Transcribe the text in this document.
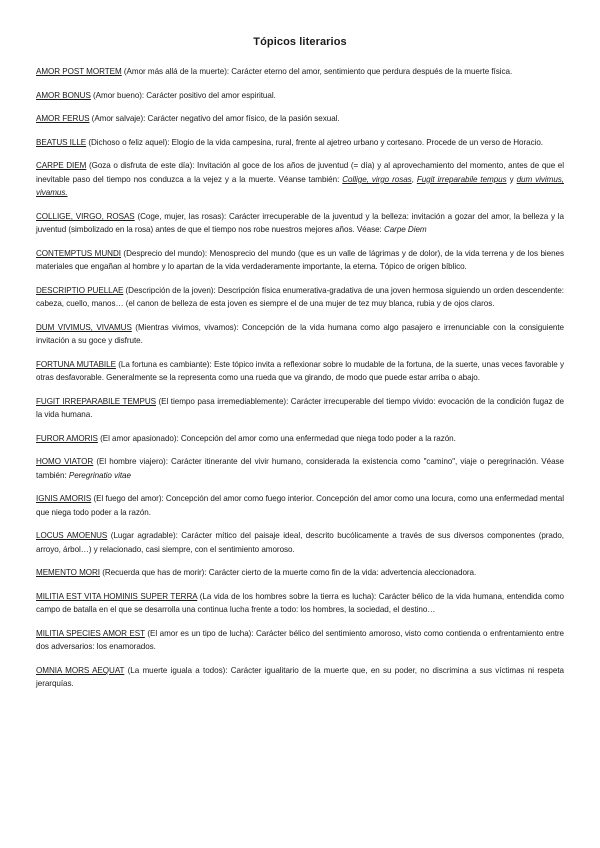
Tópicos literarios

AMOR POST MORTEM (Amor más allá de la muerte): Carácter eterno del amor, sentimiento que perdura después de la muerte física.

AMOR BONUS (Amor bueno): Carácter positivo del amor espiritual.

AMOR FERUS (Amor salvaje): Carácter negativo del amor físico, de la pasión sexual.

BEATUS ILLE (Dichoso o feliz aquel): Elogio de la vida campesina, rural, frente al ajetreo urbano y cortesano. Procede de un verso de Horacio.

CARPE DIEM (Goza o disfruta de este día): Invitación al goce de los años de juventud (= día) y al aprovechamiento del momento, antes de que el inevitable paso del tiempo nos conduzca a la vejez y a la muerte. Véanse también: Collige, virgo rosas, Fugit irreparabile tempus y dum vivimus, vivamus.

COLLIGE, VIRGO, ROSAS (Coge, mujer, las rosas): Carácter irrecuperable de la juventud y la belleza: invitación a gozar del amor, la belleza y la juventud (simbolizado en la rosa) antes de que el tiempo nos robe nuestros mejores años. Véase: Carpe Diem

CONTEMPTUS MUNDI (Desprecio del mundo): Menosprecio del mundo (que es un valle de lágrimas y de dolor), de la vida terrena y de los bienes materiales que engañan al hombre y lo apartan de la vida verdaderamente importante, la eterna. Tópico de origen bíblico.

DESCRIPTIO PUELLAE (Descripción de la joven): Descripción física enumerativa-gradativa de una joven hermosa siguiendo un orden descendente: cabeza, cuello, manos… (el canon de belleza de esta joven es siempre el de una mujer de tez muy blanca, rubia y de ojos claros.

DUM VIVIMUS, VIVAMUS (Mientras vivimos, vivamos): Concepción de la vida humana como algo pasajero e irrenunciable con la consiguiente invitación a su goce y disfrute.

FORTUNA MUTABILE (La fortuna es cambiante): Este tópico invita a reflexionar sobre lo mudable de la fortuna, de la suerte, unas veces favorable y otras desfavorable. Generalmente se la representa como una rueda que va girando, de modo que puede estar arriba o abajo.

FUGIT IRREPARABILE TEMPUS (El tiempo pasa irremediablemente): Carácter irrecuperable del tiempo vivido: evocación de la condición fugaz de la vida humana.

FUROR AMORIS (El amor apasionado): Concepción del amor como una enfermedad que niega todo poder a la razón.

HOMO VIATOR (El hombre viajero): Carácter itinerante del vivir humano, considerada la existencia como "camino", viaje o peregrinación. Véase también: Peregrinatio vitae

IGNIS AMORIS (El fuego del amor): Concepción del amor como fuego interior. Concepción del amor como una locura, como una enfermedad mental que niega todo poder a la razón.

LOCUS AMOENUS (Lugar agradable): Carácter mítico del paisaje ideal, descrito bucólicamente a través de sus diversos componentes (prado, arroyo, árbol…) y relacionado, casi siempre, con el sentimiento amoroso.

MEMENTO MORI (Recuerda que has de morir): Carácter cierto de la muerte como fin de la vida: advertencia aleccionadora.

MILITIA EST VITA HOMINIS SUPER TERRA (La vida de los hombres sobre la tierra es lucha): Carácter bélico de la vida humana, entendida como campo de batalla en el que se desarrolla una continua lucha frente a todo: los hombres, la sociedad, el destino…

MILITIA SPECIES AMOR EST (El amor es un tipo de lucha): Carácter bélico del sentimiento amoroso, visto como contienda o enfrentamiento entre dos adversarios: los enamorados.

OMNIA MORS AEQUAT (La muerte iguala a todos): Carácter igualitario de la muerte que, en su poder, no discrimina a sus víctimas ni respeta jerarquías.
